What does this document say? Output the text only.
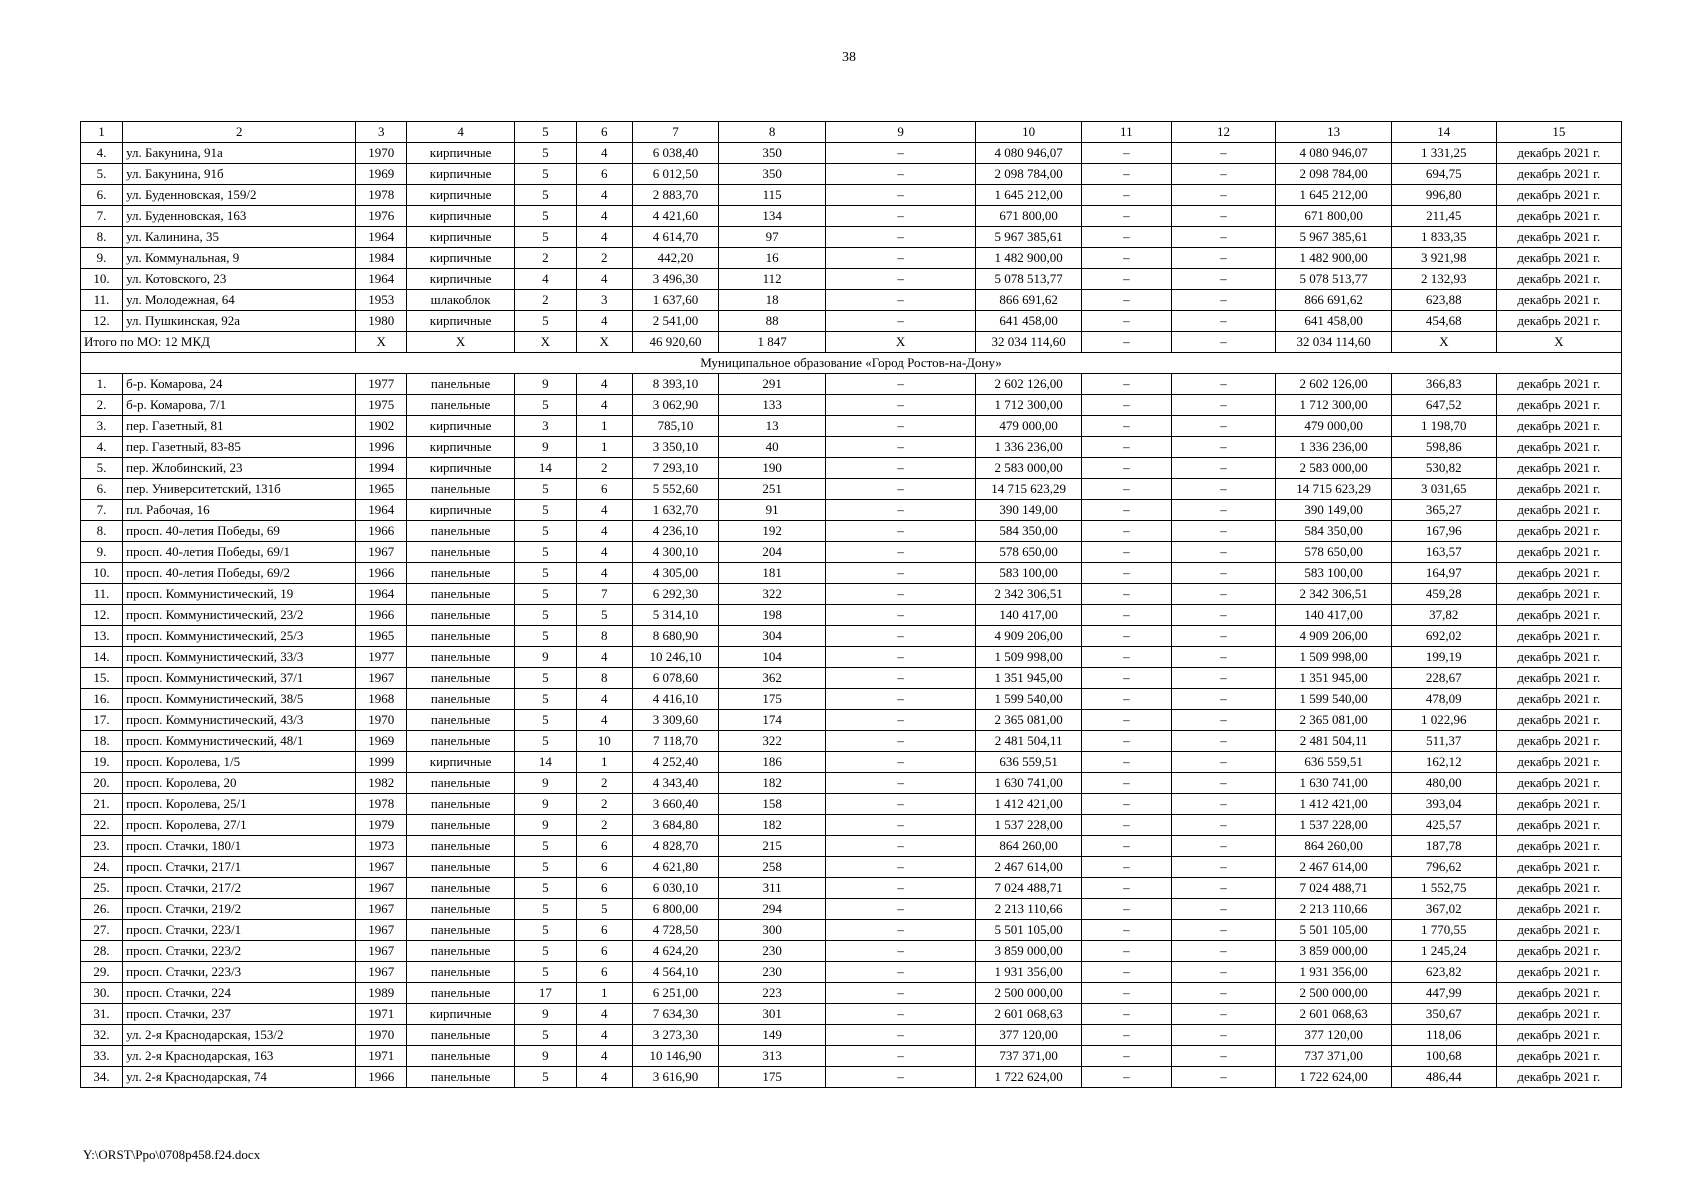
38
1	2	3	4	5	6	7	8	9	10	11	12	13	14	15
4.	ул. Бакунина, 91а	1970	кирпичные	5	4	6 038,40	350	–	4 080 946,07	–	–	4 080 946,07	1 331,25	декабрь 2021 г.
5.	ул. Бакунина, 91б	1969	кирпичные	5	6	6 012,50	350	–	2 098 784,00	–	–	2 098 784,00	694,75	декабрь 2021 г.
6.	ул. Буденновская, 159/2	1978	кирпичные	5	4	2 883,70	115	–	1 645 212,00	–	–	1 645 212,00	996,80	декабрь 2021 г.
7.	ул. Буденновская, 163	1976	кирпичные	5	4	4 421,60	134	–	671 800,00	–	–	671 800,00	211,45	декабрь 2021 г.
8.	ул. Калинина, 35	1964	кирпичные	5	4	4 614,70	97	–	5 967 385,61	–	–	5 967 385,61	1 833,35	декабрь 2021 г.
9.	ул. Коммунальная, 9	1984	кирпичные	2	2	442,20	16	–	1 482 900,00	–	–	1 482 900,00	3 921,98	декабрь 2021 г.
10.	ул. Котовского, 23	1964	кирпичные	4	4	3 496,30	112	–	5 078 513,77	–	–	5 078 513,77	2 132,93	декабрь 2021 г.
11.	ул. Молодежная, 64	1953	шлакоблок	2	3	1 637,60	18	–	866 691,62	–	–	866 691,62	623,88	декабрь 2021 г.
12.	ул. Пушкинская, 92а	1980	кирпичные	5	4	2 541,00	88	–	641 458,00	–	–	641 458,00	454,68	декабрь 2021 г.
Итого по МО: 12 МКД		X	X	X	X	46 920,60	1 847	X	32 034 114,60	–	–	32 034 114,60	X	X
Муниципальное образование «Город Ростов-на-Дону»														
1.	б-р. Комарова, 24	1977	панельные	9	4	8 393,10	291	–	2 602 126,00	–	–	2 602 126,00	366,83	декабрь 2021 г.
2.	б-р. Комарова, 7/1	1975	панельные	5	4	3 062,90	133	–	1 712 300,00	–	–	1 712 300,00	647,52	декабрь 2021 г.
3.	пер. Газетный, 81	1902	кирпичные	3	1	785,10	13	–	479 000,00	–	–	479 000,00	1 198,70	декабрь 2021 г.
4.	пер. Газетный, 83-85	1996	кирпичные	9	1	3 350,10	40	–	1 336 236,00	–	–	1 336 236,00	598,86	декабрь 2021 г.
5.	пер. Жлобинский, 23	1994	кирпичные	14	2	7 293,10	190	–	2 583 000,00	–	–	2 583 000,00	530,82	декабрь 2021 г.
6.	пер. Университетский, 131б	1965	панельные	5	6	5 552,60	251	–	14 715 623,29	–	–	14 715 623,29	3 031,65	декабрь 2021 г.
7.	пл. Рабочая, 16	1964	кирпичные	5	4	1 632,70	91	–	390 149,00	–	–	390 149,00	365,27	декабрь 2021 г.
8.	просп. 40-летия Победы, 69	1966	панельные	5	4	4 236,10	192	–	584 350,00	–	–	584 350,00	167,96	декабрь 2021 г.
9.	просп. 40-летия Победы, 69/1	1967	панельные	5	4	4 300,10	204	–	578 650,00	–	–	578 650,00	163,57	декабрь 2021 г.
10.	просп. 40-летия Победы, 69/2	1966	панельные	5	4	4 305,00	181	–	583 100,00	–	–	583 100,00	164,97	декабрь 2021 г.
11.	просп. Коммунистический, 19	1964	панельные	5	7	6 292,30	322	–	2 342 306,51	–	–	2 342 306,51	459,28	декабрь 2021 г.
12.	просп. Коммунистический, 23/2	1966	панельные	5	5	5 314,10	198	–	140 417,00	–	–	140 417,00	37,82	декабрь 2021 г.
13.	просп. Коммунистический, 25/3	1965	панельные	5	8	8 680,90	304	–	4 909 206,00	–	–	4 909 206,00	692,02	декабрь 2021 г.
14.	просп. Коммунистический, 33/3	1977	панельные	9	4	10 246,10	104	–	1 509 998,00	–	–	1 509 998,00	199,19	декабрь 2021 г.
15.	просп. Коммунистический, 37/1	1967	панельные	5	8	6 078,60	362	–	1 351 945,00	–	–	1 351 945,00	228,67	декабрь 2021 г.
16.	просп. Коммунистический, 38/5	1968	панельные	5	4	4 416,10	175	–	1 599 540,00	–	–	1 599 540,00	478,09	декабрь 2021 г.
17.	просп. Коммунистический, 43/3	1970	панельные	5	4	3 309,60	174	–	2 365 081,00	–	–	2 365 081,00	1 022,96	декабрь 2021 г.
18.	просп. Коммунистический, 48/1	1969	панельные	5	10	7 118,70	322	–	2 481 504,11	–	–	2 481 504,11	511,37	декабрь 2021 г.
19.	просп. Королева, 1/5	1999	кирпичные	14	1	4 252,40	186	–	636 559,51	–	–	636 559,51	162,12	декабрь 2021 г.
20.	просп. Королева, 20	1982	панельные	9	2	4 343,40	182	–	1 630 741,00	–	–	1 630 741,00	480,00	декабрь 2021 г.
21.	просп. Королева, 25/1	1978	панельные	9	2	3 660,40	158	–	1 412 421,00	–	–	1 412 421,00	393,04	декабрь 2021 г.
22.	просп. Королева, 27/1	1979	панельные	9	2	3 684,80	182	–	1 537 228,00	–	–	1 537 228,00	425,57	декабрь 2021 г.
23.	просп. Стачки, 180/1	1973	панельные	5	6	4 828,70	215	–	864 260,00	–	–	864 260,00	187,78	декабрь 2021 г.
24.	просп. Стачки, 217/1	1967	панельные	5	6	4 621,80	258	–	2 467 614,00	–	–	2 467 614,00	796,62	декабрь 2021 г.
25.	просп. Стачки, 217/2	1967	панельные	5	6	6 030,10	311	–	7 024 488,71	–	–	7 024 488,71	1 552,75	декабрь 2021 г.
26.	просп. Стачки, 219/2	1967	панельные	5	5	6 800,00	294	–	2 213 110,66	–	–	2 213 110,66	367,02	декабрь 2021 г.
27.	просп. Стачки, 223/1	1967	панельные	5	6	4 728,50	300	–	5 501 105,00	–	–	5 501 105,00	1 770,55	декабрь 2021 г.
28.	просп. Стачки, 223/2	1967	панельные	5	6	4 624,20	230	–	3 859 000,00	–	–	3 859 000,00	1 245,24	декабрь 2021 г.
29.	просп. Стачки, 223/3	1967	панельные	5	6	4 564,10	230	–	1 931 356,00	–	–	1 931 356,00	623,82	декабрь 2021 г.
30.	просп. Стачки, 224	1989	панельные	17	1	6 251,00	223	–	2 500 000,00	–	–	2 500 000,00	447,99	декабрь 2021 г.
31.	просп. Стачки, 237	1971	кирпичные	9	4	7 634,30	301	–	2 601 068,63	–	–	2 601 068,63	350,67	декабрь 2021 г.
32.	ул. 2-я Краснодарская, 153/2	1970	панельные	5	4	3 273,30	149	–	377 120,00	–	–	377 120,00	118,06	декабрь 2021 г.
33.	ул. 2-я Краснодарская, 163	1971	панельные	9	4	10 146,90	313	–	737 371,00	–	–	737 371,00	100,68	декабрь 2021 г.
34.	ул. 2-я Краснодарская, 74	1966	панельные	5	4	3 616,90	175	–	1 722 624,00	–	–	1 722 624,00	486,44	декабрь 2021 г.
Y:\ORST\Ppo\0708p458.f24.docx
